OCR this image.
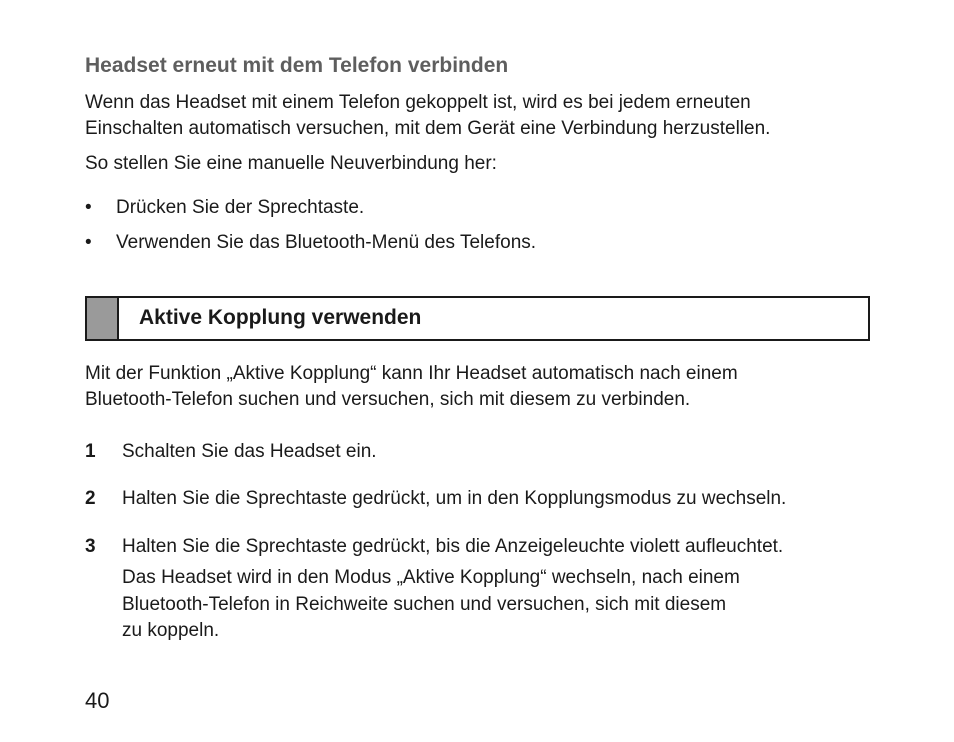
Headset erneut mit dem Telefon verbinden
Wenn das Headset mit einem Telefon gekoppelt ist, wird es bei jedem erneuten
Einschalten automatisch versuchen, mit dem Gerät eine Verbindung herzustellen.
So stellen Sie eine manuelle Neuverbindung her:
• Drücken Sie der Sprechtaste.
• Verwenden Sie das Bluetooth-Menü des Telefons.
Aktive Kopplung verwenden
Mit der Funktion „Aktive Kopplung“ kann Ihr Headset automatisch nach einem
Bluetooth-Telefon suchen und versuchen, sich mit diesem zu verbinden.
1 Schalten Sie das Headset ein.
2 Halten Sie die Sprechtaste gedrückt, um in den Kopplungsmodus zu wechseln.
3 Halten Sie die Sprechtaste gedrückt, bis die Anzeigeleuchte violett aufleuchtet.
Das Headset wird in den Modus „Aktive Kopplung“ wechseln, nach einem
Bluetooth-Telefon in Reichweite suchen und versuchen, sich mit diesem
zu koppeln.
40
